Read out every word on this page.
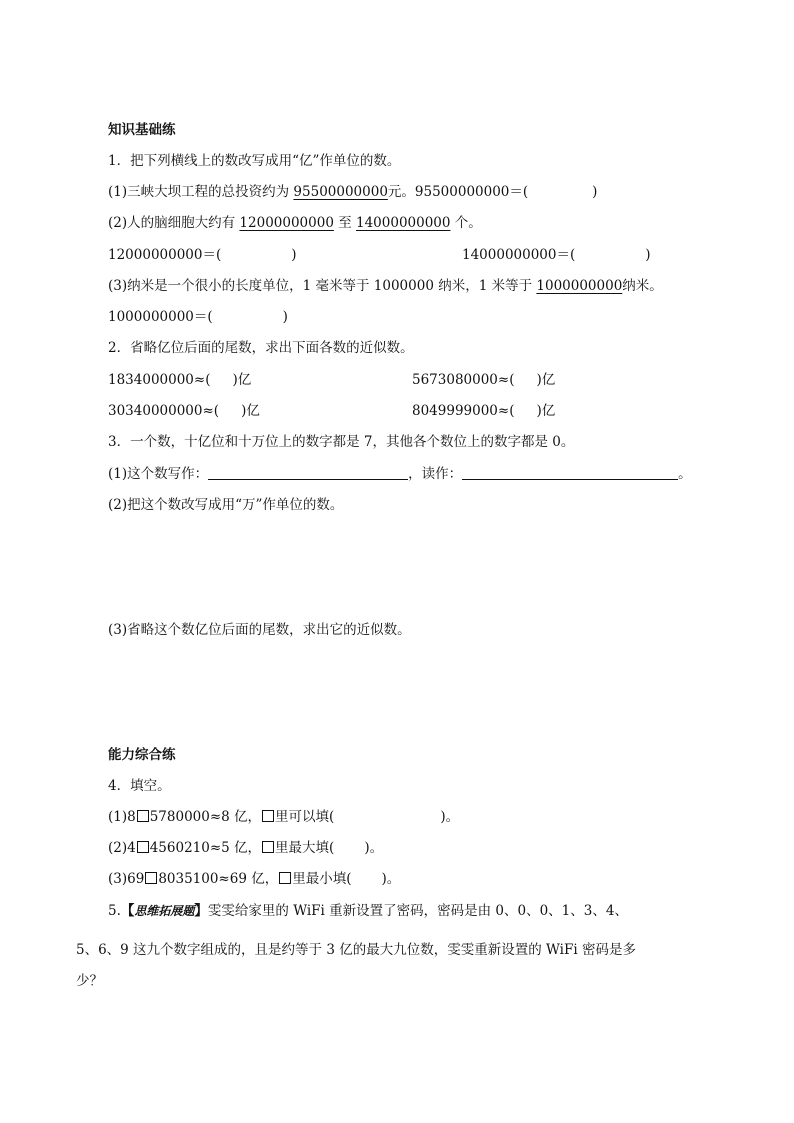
知识基础练
1．把下列横线上的数改写成用“亿”作单位的数。
(1)三峡大坝工程的总投资约为 95500000000元。95500000000＝(	)
(2)人的脑细胞大约有 12000000000 至 14000000000 个。
12000000000＝(	)	14000000000＝(	)
(3)纳米是一个很小的长度单位，1 毫米等于 1000000 纳米，1 米等于 1000000000纳米。
1000000000＝(	)
2．省略亿位后面的尾数，求出下面各数的近似数。
1834000000≈( )亿	5673080000≈( )亿
30340000000≈( )亿	8049999000≈( )亿
3．一个数，十亿位和十万位上的数字都是 7，其他各个数位上的数字都是 0。
(1)这个数写作：	，读作：	。
(2)把这个数改写成用“万”作单位的数。
(3)省略这个数亿位后面的尾数，求出它的近似数。
能力综合练
4．填空。
(1)8 5780000≈8 亿， 里可以填(	)。
(2)4 4560210≈5 亿， 里最大填( )。
(3)69 8035100≈69 亿， 里最小填( )。
5.【思维拓展题】雯雯给家里的 WiFi 重新设置了密码，密码是由 0、0、0、1、3、4、
5、6、9 这九个数字组成的，且是约等于 3 亿的最大九位数，雯雯重新设置的 WiFi 密码是多
少？
